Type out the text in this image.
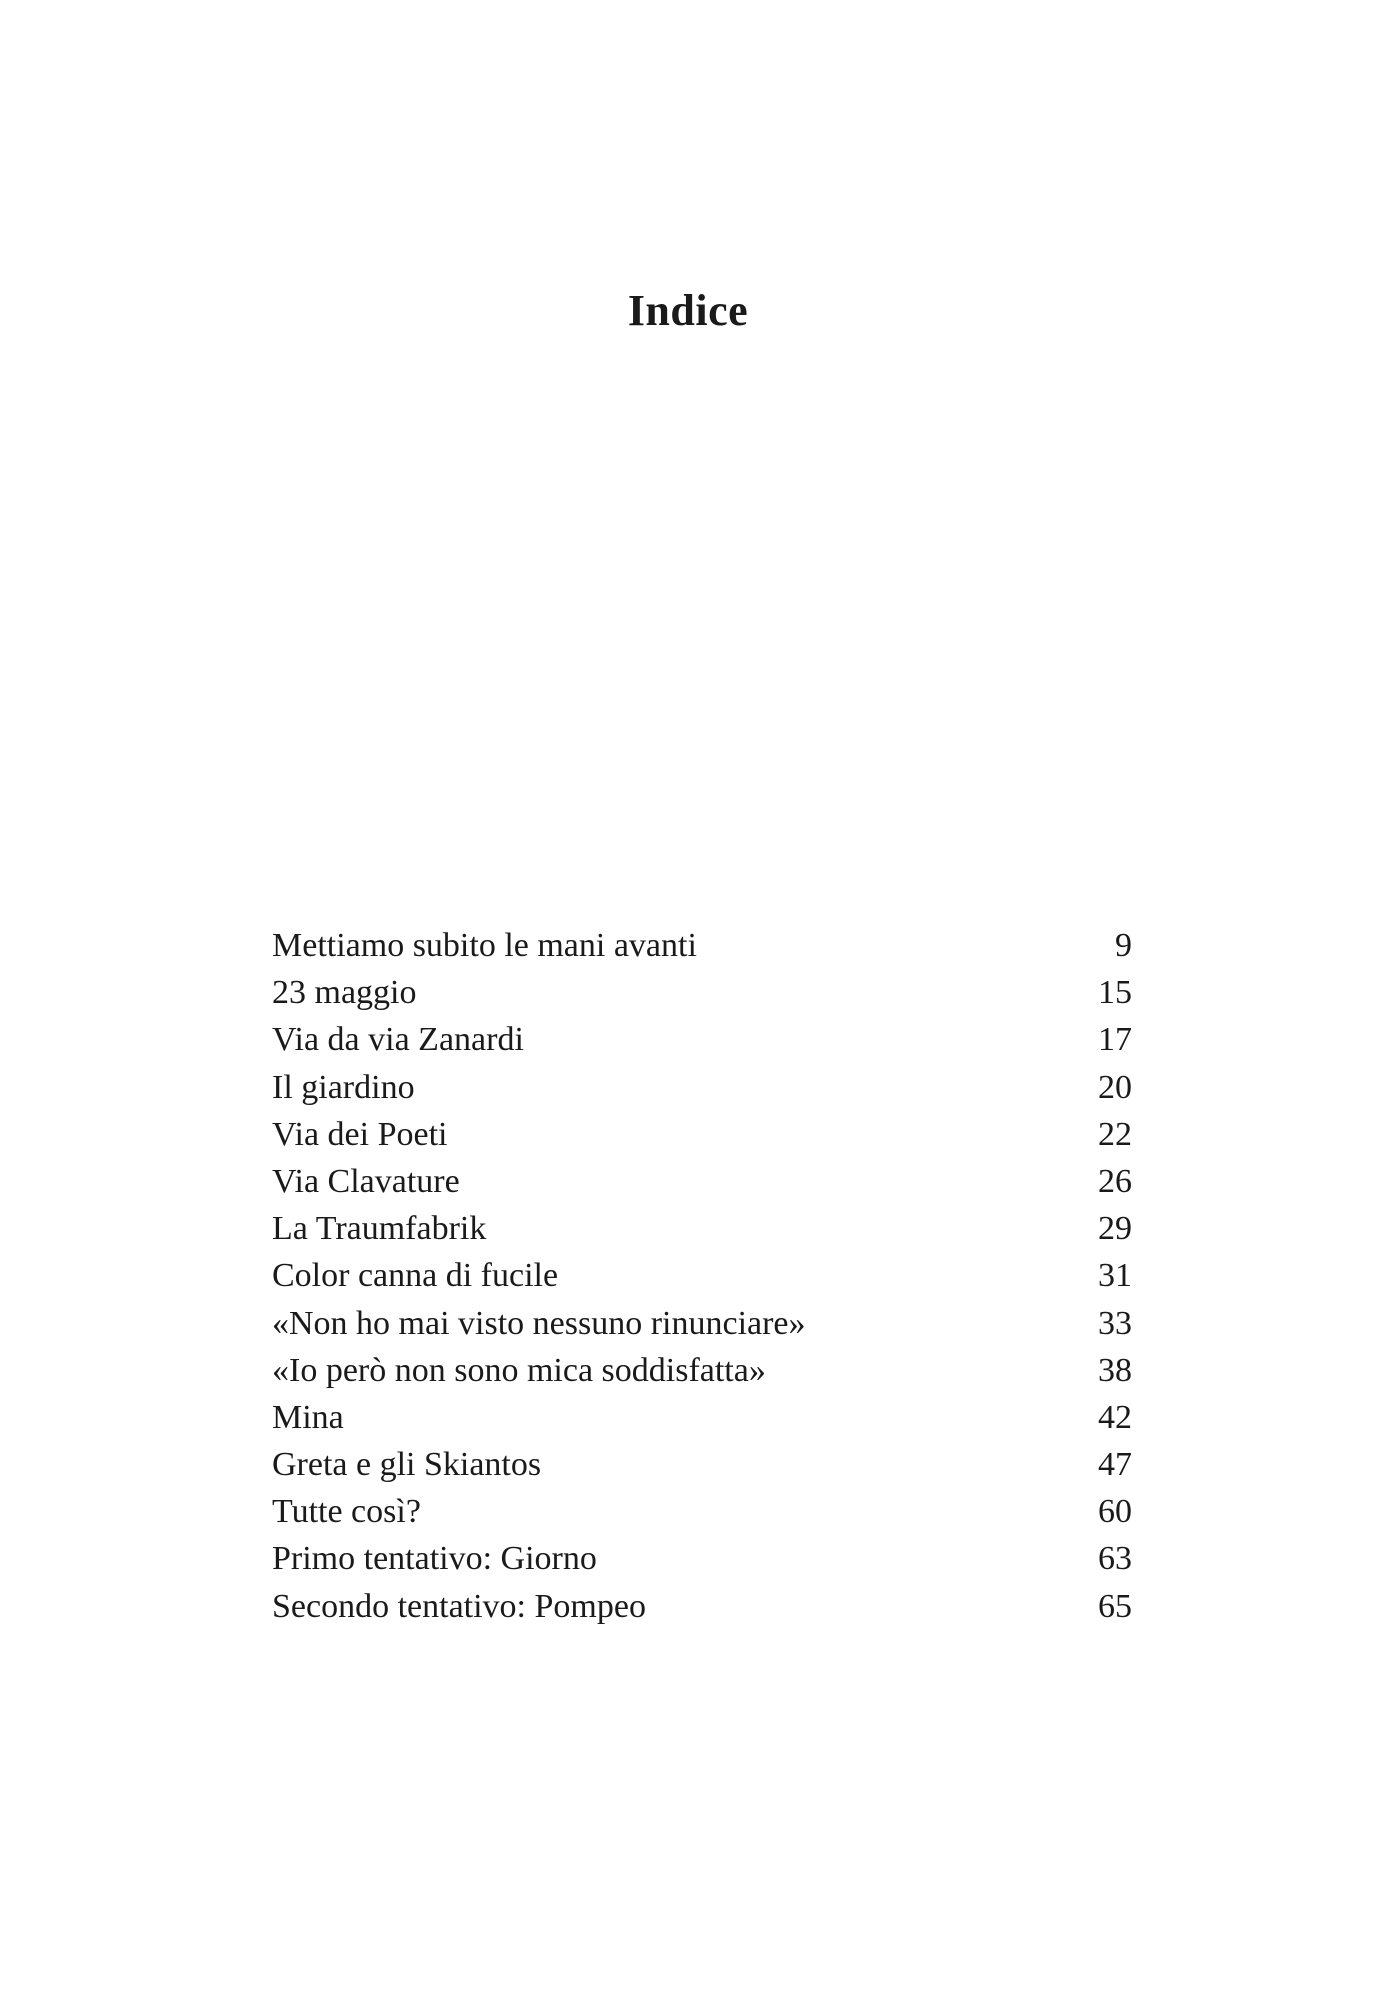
Indice
Mettiamo subito le mani avanti	9
23 maggio	15
Via da via Zanardi	17
Il giardino	20
Via dei Poeti	22
Via Clavature	26
La Traumfabrik	29
Color canna di fucile	31
«Non ho mai visto nessuno rinunciare»	33
«Io però non sono mica soddisfatta»	38
Mina	42
Greta e gli Skiantos	47
Tutte così?	60
Primo tentativo: Giorno	63
Secondo tentativo: Pompeo	65
